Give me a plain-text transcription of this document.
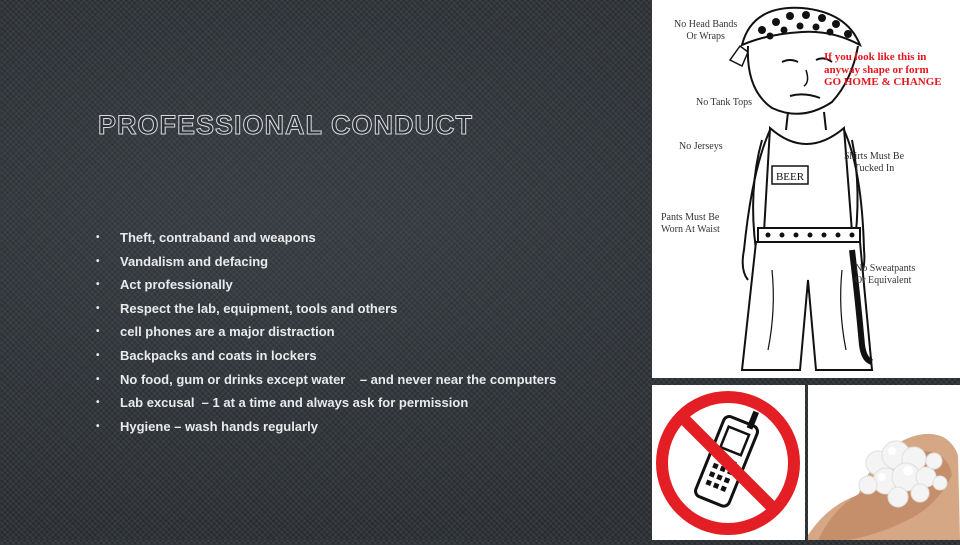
PROFESSIONAL CONDUCT
• Theft, contraband and weapons
• Vandalism and defacing
• Act professionally
• Respect the lab, equipment, tools and others
• cell phones are a major distraction
• Backpacks and coats in lockers
• No food, gum or drinks except water    – and never near the computers
• Lab excusal  – 1 at a time and always ask for permission
• Hygiene – wash hands regularly
BEER
No Head Bands
Or Wraps
If you look like this in
anyway shape or form
GO HOME & CHANGE
No Tank Tops
No Jerseys
Shirts Must Be
Tucked In
Pants Must Be
Worn At Waist
No Sweatpants
Or Equivalent
